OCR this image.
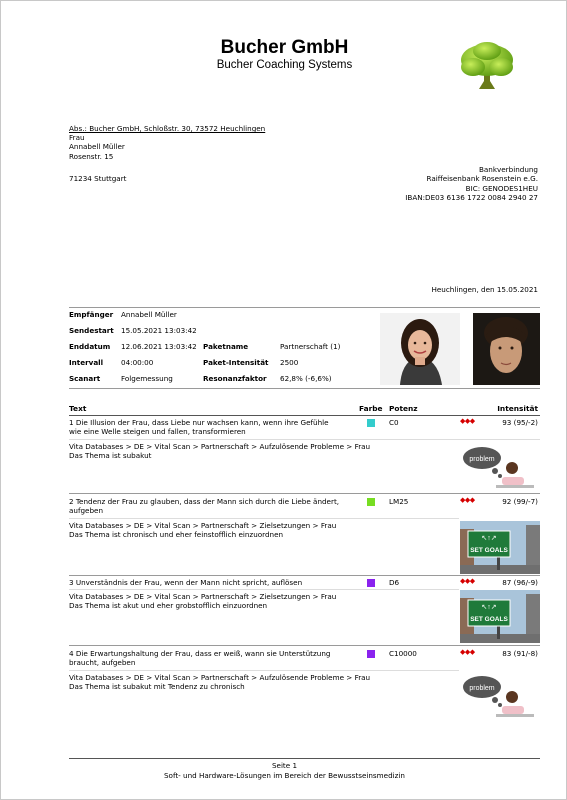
Bucher GmbH
Bucher Coaching Systems
Abs.: Bucher GmbH, Schloßstr. 30, 73572 Heuchlingen
Frau
Annabell Müller
Rosenstr. 15
71234 Stuttgart
Bankverbindung
Raiffeisenbank Rosenstein e.G.
BIC: GENODES1HEU
IBAN:DE03 6136 1722 0084 2940 27
Heuchlingen, den 15.05.2021
Empfänger Annabell Müller
Sendestart 15.05.2021 13:03:42
Enddatum 12.06.2021 13:03:42 Paketname	Partnerschaft (1)
Intervall 04:00:00	Paket-Intensität 2500
Scanart	Folgemessung	Resonanzfaktor 62,8% (-6,6%)
Text	Farbe Potenz	Intensität
1 Die Illusion der Frau, dass Liebe nur wachsen kann, wenn ihre Gefühle
wie eine Welle steigen und fallen, transformieren
C0	◆◆◆	93 (95/-2)
Vita Databases > DE > Vital Scan > Partnerschaft > Aufzulösende Probleme > Frau
Das Thema ist subakut	problem
2 Tendenz der Frau zu glauben, dass der Mann sich durch die Liebe ändert,
aufgeben
LM25	◆◆◆	92 (99/-7)
Vita Databases > DE > Vital Scan > Partnerschaft > Zielsetzungen > Frau
Das Thema ist chronisch und eher feinstofflich einzuordnen	↖↑↗
SET GOALS
3 Unverständnis der Frau, wenn der Mann nicht spricht, auflösen	D6	◆◆◆	87 (96/-9)
Vita Databases > DE > Vital Scan > Partnerschaft > Zielsetzungen > Frau
Das Thema ist akut und eher grobstofflich einzuordnen	↖↑↗
SET GOALS
4 Die Erwartungshaltung der Frau, dass er weiß, wann sie Unterstützung
braucht, aufgeben
C10000	◆◆◆	83 (91/-8)
Vita Databases > DE > Vital Scan > Partnerschaft > Aufzulösende Probleme > Frau
Das Thema ist subakut mit Tendenz zu chronisch	problem
Seite 1
Soft- und Hardware-Lösungen im Bereich der Bewusstseinsmedizin
